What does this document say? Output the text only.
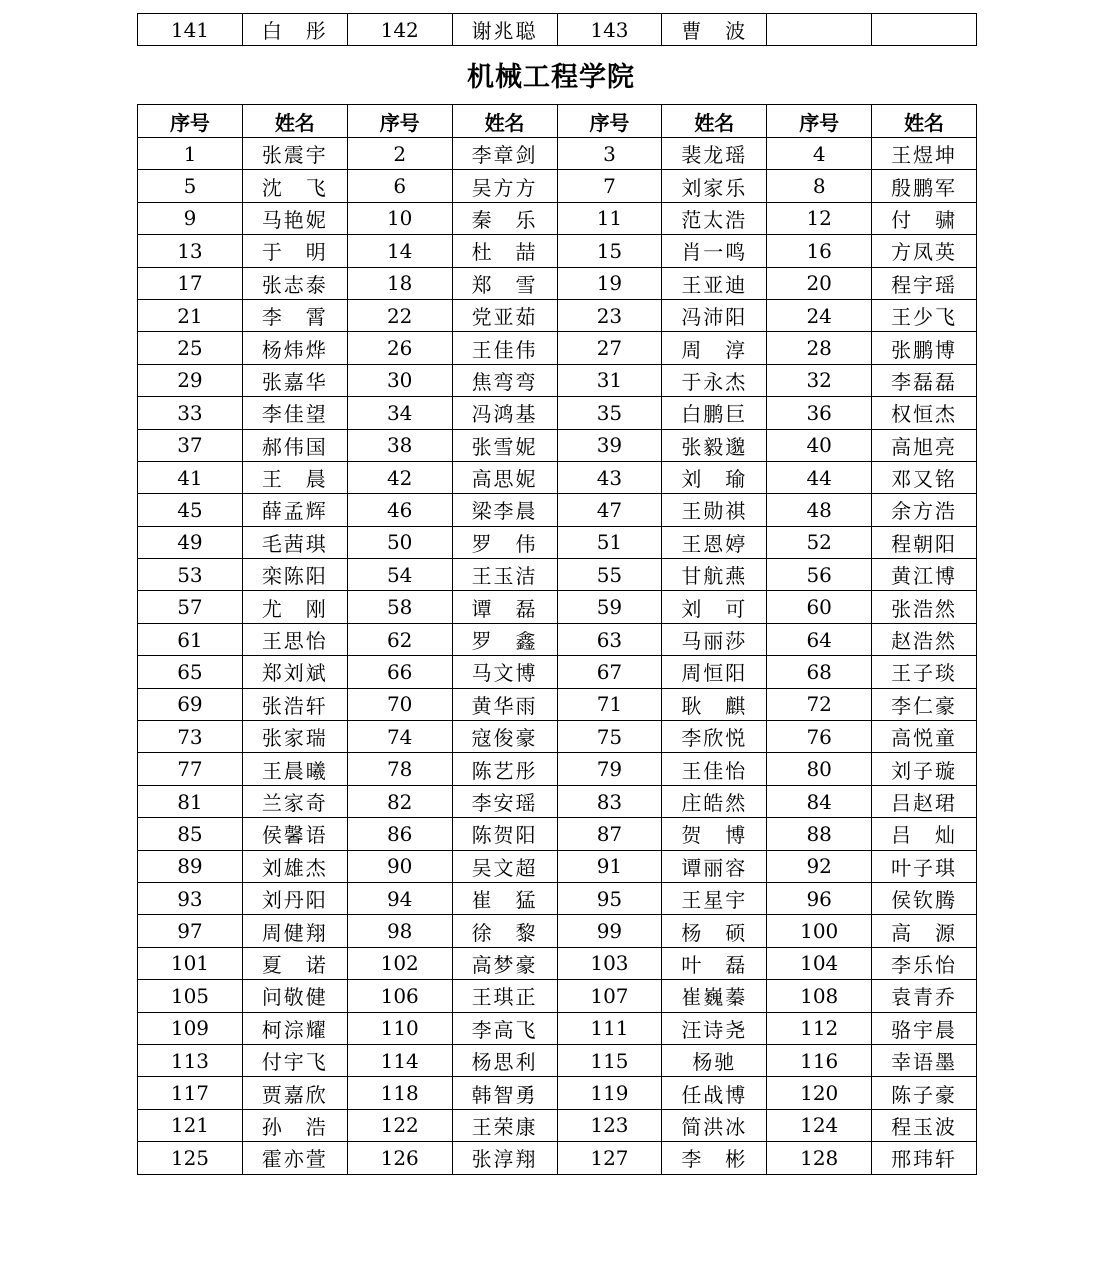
141	白　彤	142	谢兆聪	143	曹　波		
机械工程学院
序号	姓名	序号	姓名	序号	姓名	序号	姓名
1	张震宇	2	李章剑	3	裴龙瑶	4	王煜坤
5	沈　飞	6	吴方方	7	刘家乐	8	殷鹏军
9	马艳妮	10	秦　乐	11	范太浩	12	付　骕
13	于　明	14	杜　喆	15	肖一鸣	16	方凤英
17	张志泰	18	郑　雪	19	王亚迪	20	程宇瑶
21	李　霄	22	党亚茹	23	冯沛阳	24	王少飞
25	杨炜烨	26	王佳伟	27	周　淳	28	张鹏博
29	张嘉华	30	焦弯弯	31	于永杰	32	李磊磊
33	李佳望	34	冯鸿基	35	白鹏巨	36	权恒杰
37	郝伟国	38	张雪妮	39	张毅邈	40	高旭亮
41	王　晨	42	高思妮	43	刘　瑜	44	邓又铭
45	薛孟辉	46	梁李晨	47	王勋祺	48	余方浩
49	毛茜琪	50	罗　伟	51	王恩婷	52	程朝阳
53	栾陈阳	54	王玉洁	55	甘航燕	56	黄江博
57	尤　刚	58	谭　磊	59	刘　可	60	张浩然
61	王思怡	62	罗　鑫	63	马丽莎	64	赵浩然
65	郑刘斌	66	马文博	67	周恒阳	68	王子琰
69	张浩轩	70	黄华雨	71	耿　麒	72	李仁豪
73	张家瑞	74	寇俊豪	75	李欣悦	76	高悦童
77	王晨曦	78	陈艺彤	79	王佳怡	80	刘子璇
81	兰家奇	82	李安瑶	83	庄皓然	84	吕赵珺
85	侯馨语	86	陈贺阳	87	贺　博	88	吕　灿
89	刘雄杰	90	吴文超	91	谭丽容	92	叶子琪
93	刘丹阳	94	崔　猛	95	王星宇	96	侯钦腾
97	周健翔	98	徐　黎	99	杨　硕	100	高　源
101	夏　诺	102	高梦豪	103	叶　磊	104	李乐怡
105	问敬健	106	王琪正	107	崔巍蓁	108	袁青乔
109	柯淙耀	110	李高飞	111	汪诗尧	112	骆宇晨
113	付宇飞	114	杨思利	115	杨驰	116	幸语墨
117	贾嘉欣	118	韩智勇	119	任战博	120	陈子豪
121	孙　浩	122	王荣康	123	简洪冰	124	程玉波
125	霍亦萱	126	张淳翔	127	李　彬	128	邢玮轩
